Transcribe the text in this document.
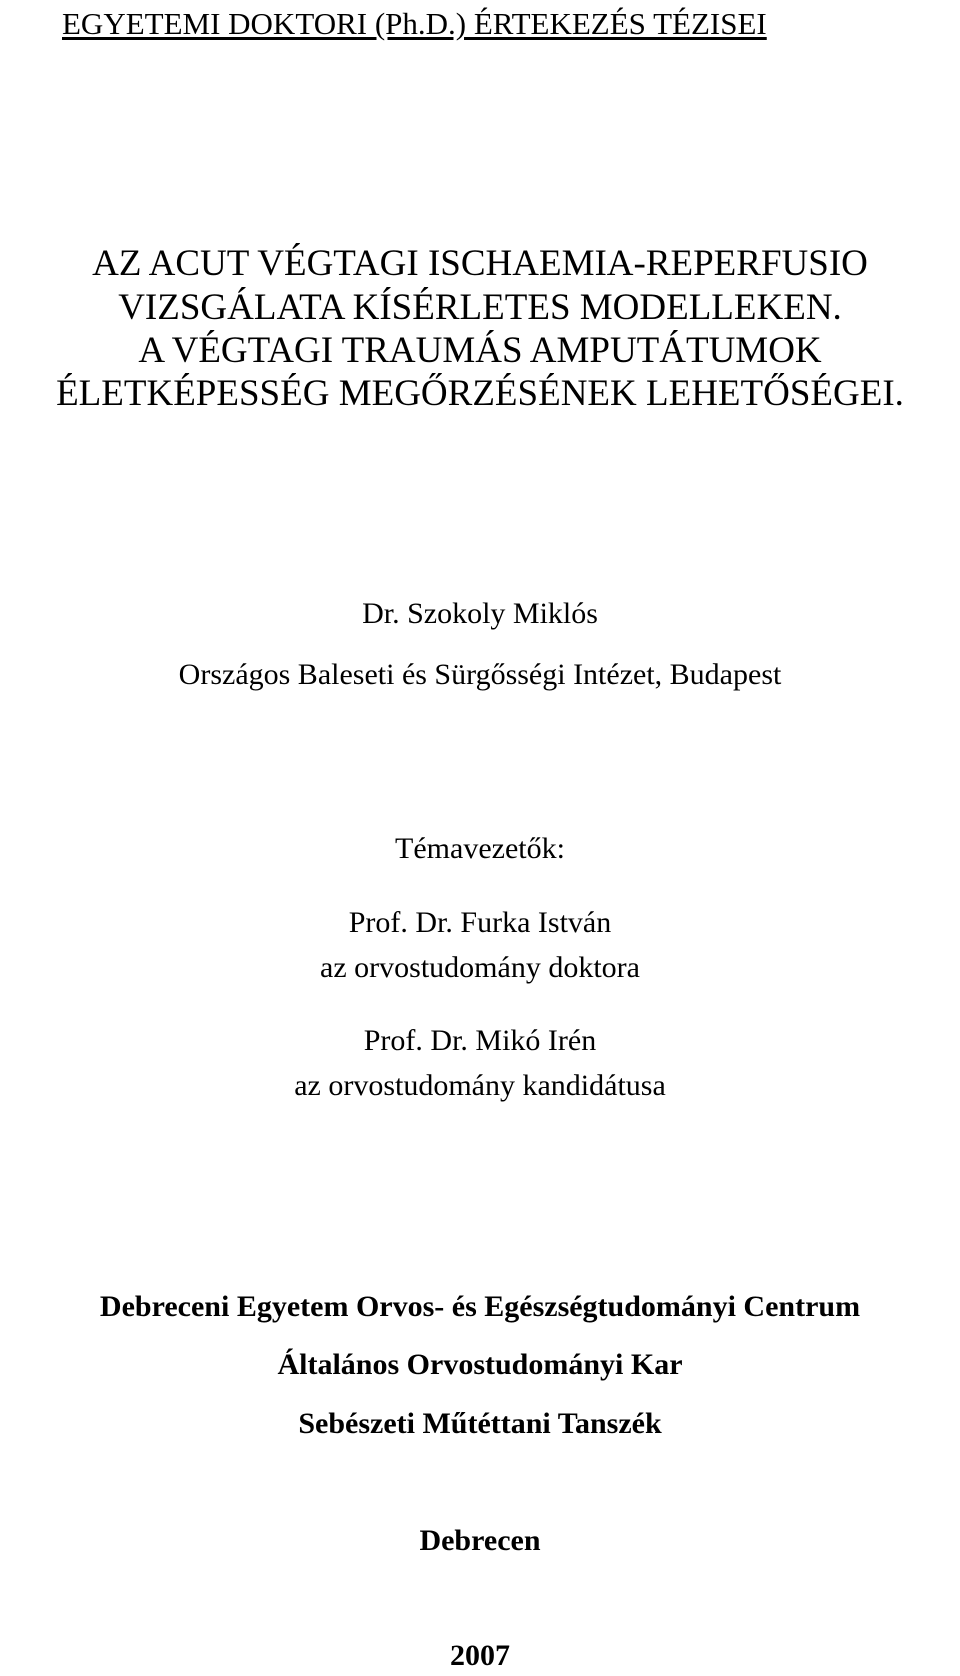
EGYETEMI DOKTORI (Ph.D.) ÉRTEKEZÉS TÉZISEI
AZ ACUT VÉGTAGI ISCHAEMIA-REPERFUSIO
VIZSGÁLATA KÍSÉRLETES MODELLEKEN.
A VÉGTAGI TRAUMÁS AMPUTÁTUMOK
ÉLETKÉPESSÉG MEGŐRZÉSÉNEK LEHETŐSÉGEI.
Dr. Szokoly Miklós
Országos Baleseti és Sürgősségi Intézet, Budapest
Témavezetők:
Prof. Dr. Furka István
az orvostudomány doktora
Prof. Dr. Mikó Irén
az orvostudomány kandidátusa
Debreceni Egyetem Orvos- és Egészségtudományi Centrum
Általános Orvostudományi Kar
Sebészeti Műtéttani Tanszék
Debrecen
2007
